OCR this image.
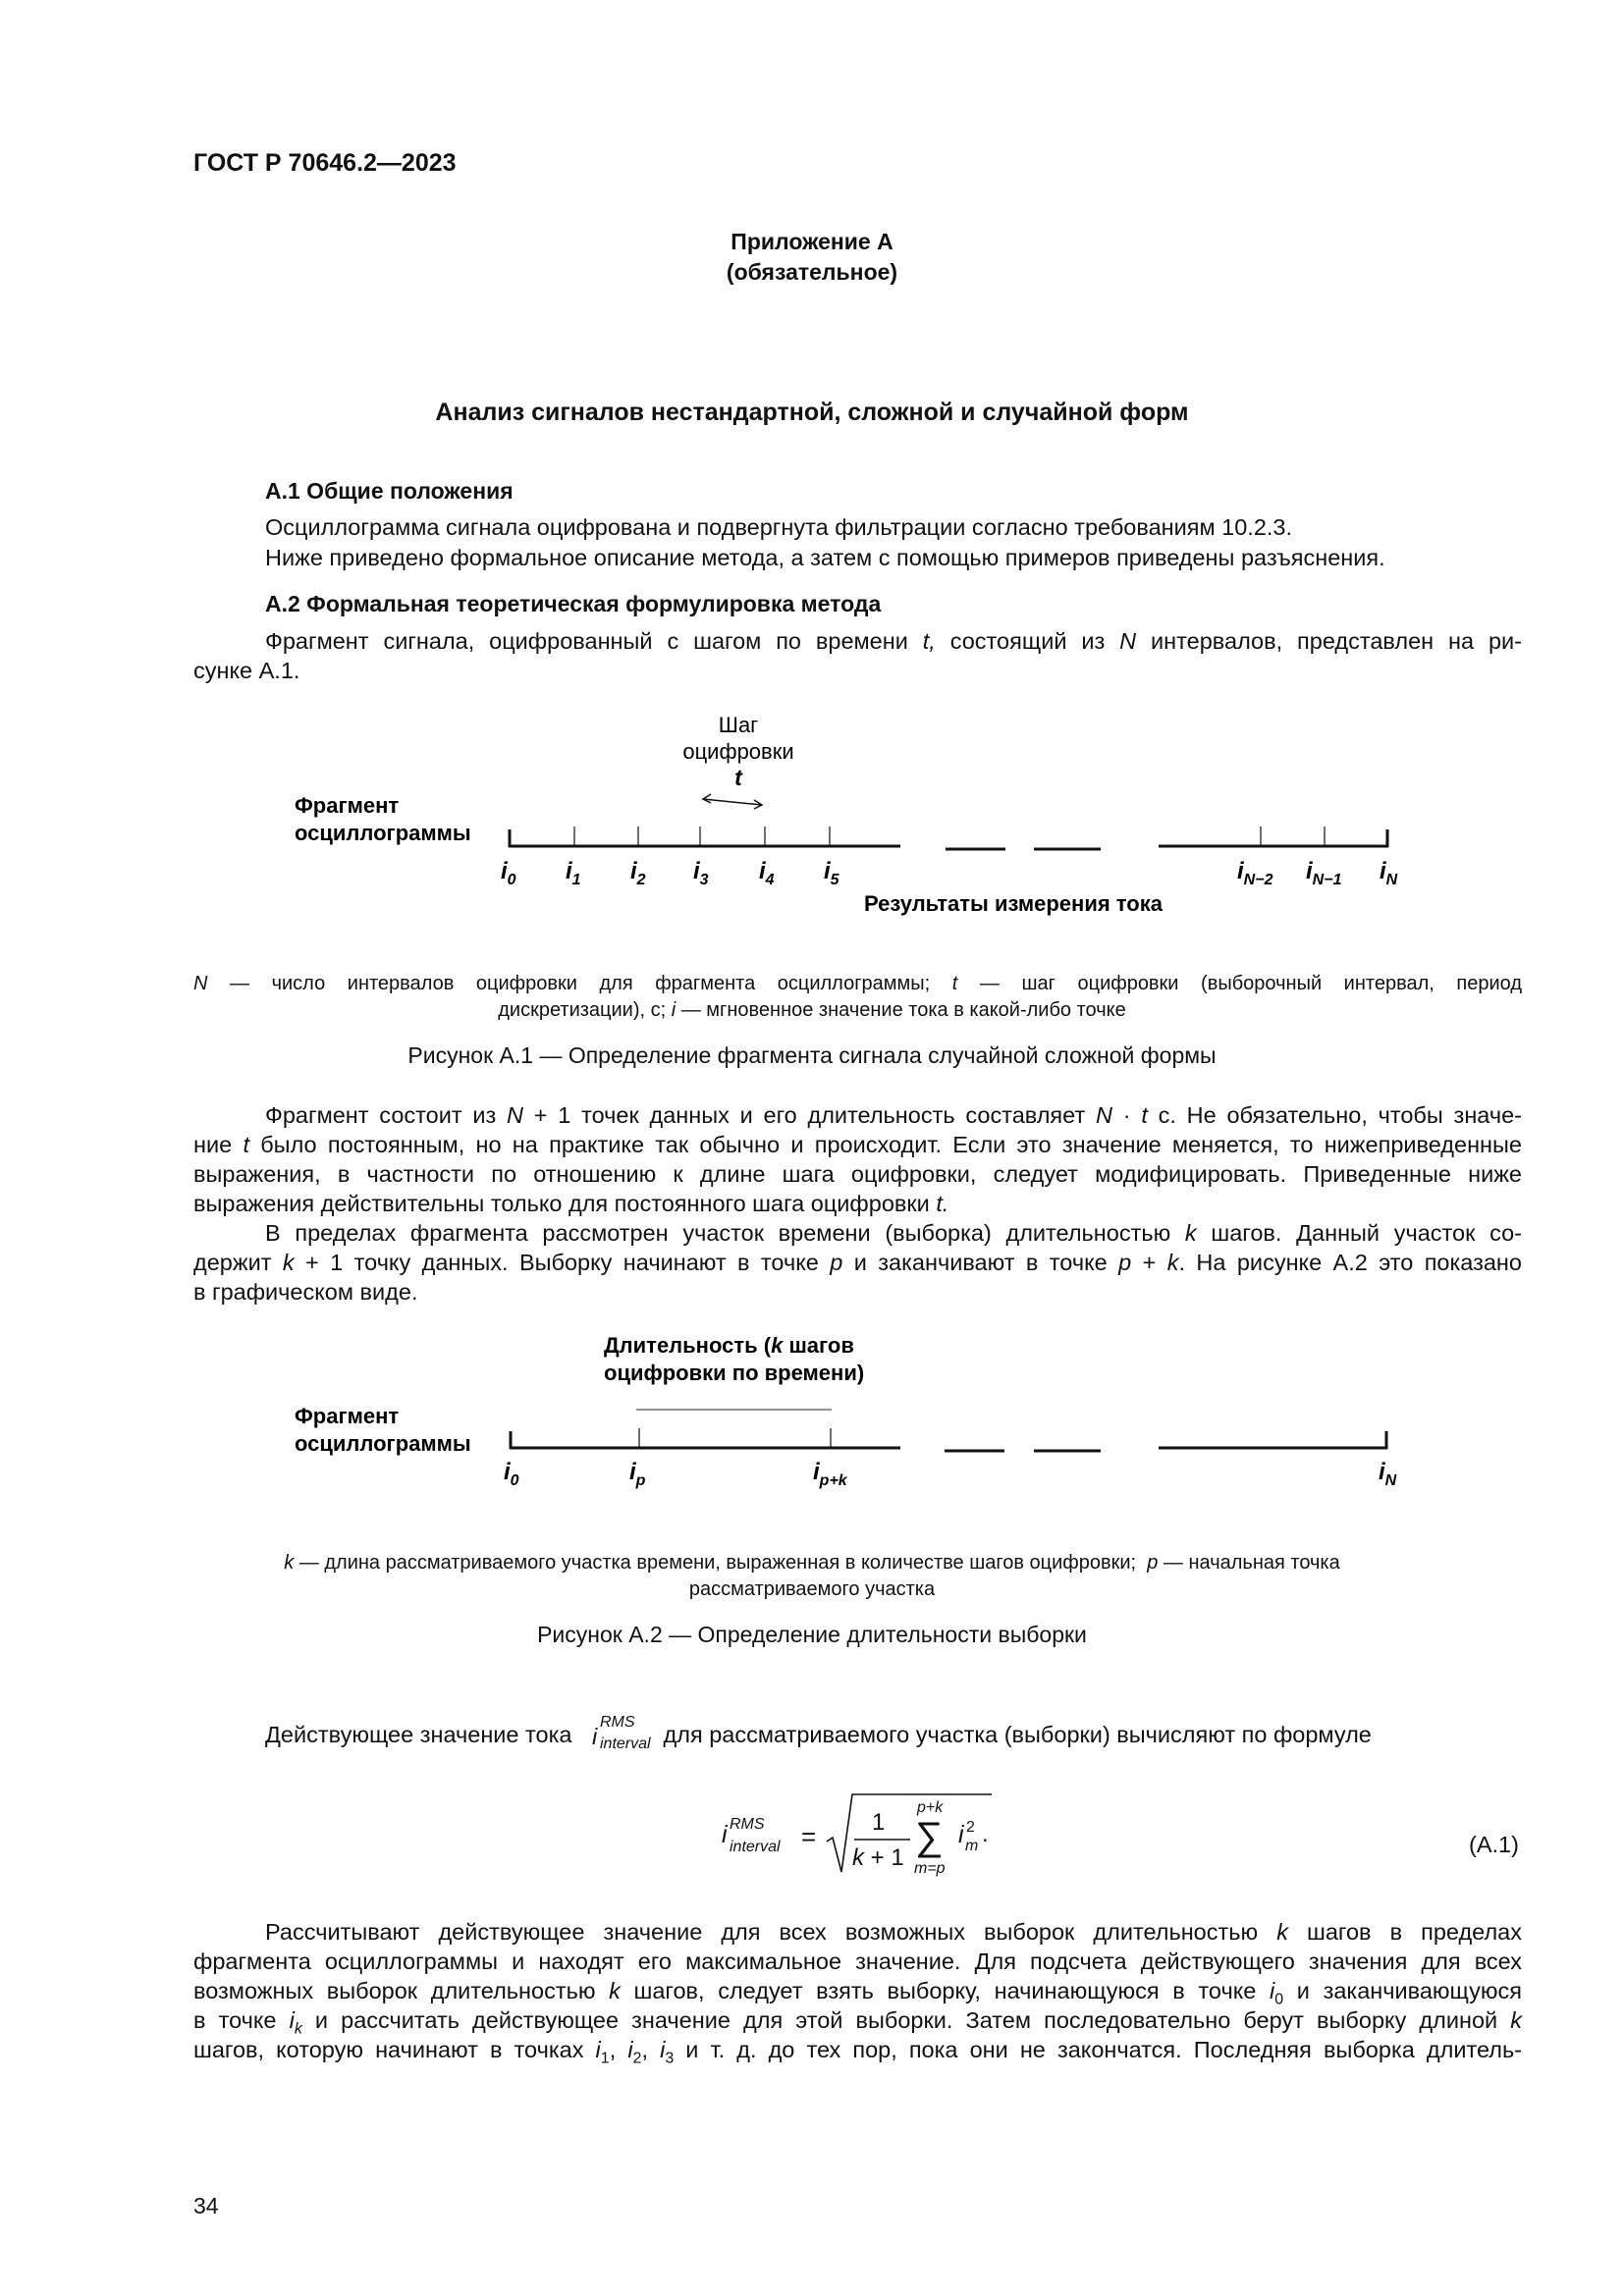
ГОСТ Р 70646.2—2023
Приложение А
(обязательное)
Анализ сигналов нестандартной, сложной и случайной форм
А.1 Общие положения
Осциллограмма сигнала оцифрована и подвергнута фильтрации согласно требованиям 10.2.3.
Ниже приведено формальное описание метода, а затем с помощью примеров приведены разъяснения.
А.2 Формальная теоретическая формулировка метода
Фрагмент сигнала, оцифрованный с шагом по времени t, состоящий из N интервалов, представлен на ри-
сунке А.1.
Шаг
оцифровки
t
Фрагмент
осциллограммы
$i_0$ $i_1$ $i_2$ $i_3$ $i_4$ $i_5$	$i_{N-2}$ $i_{N-1}$ $i_N$
Результаты измерения тока
N — число интервалов оцифровки для фрагмента осциллограммы; t — шаг оцифровки (выборочный интервал, период
дискретизации), с; i — мгновенное значение тока в какой-либо точке
Рисунок А.1 — Определение фрагмента сигнала случайной сложной формы
Фрагмент состоит из N + 1 точек данных и его длительность составляет N · t с. Не обязательно, чтобы значе-
ние t было постоянным, но на практике так обычно и происходит. Если это значение меняется, то нижеприведенные
выражения, в частности по отношению к длине шага оцифровки, следует модифицировать. Приведенные ниже
выражения действительны только для постоянного шага оцифровки t.
В пределах фрагмента рассмотрен участок времени (выборка) длительностью k шагов. Данный участок со-
держит k + 1 точку данных. Выборку начинают в точке p и заканчивают в точке p + k. На рисунке А.2 это показано
в графическом виде.
Длительность (k шагов
оцифровки по времени)
Фрагмент
осциллограммы
$i_0$	$i_p$	$i_{p+k}$	$i_N$
k — длина рассматриваемого участка времени, выраженная в количестве шагов оцифровки;  p — начальная точка
рассматриваемого участка
Рисунок А.2 — Определение длительности выборки
Действующее значение тока i
RMS
interval для рассматриваемого участка (выборки) вычисляют по формуле
i RMS
interval = 1
k + 1
p+k
∑
m=p
i 2
m .	(А.1)
Рассчитывают действующее значение для всех возможных выборок длительностью k шагов в пределах
фрагмента осциллограммы и находят его максимальное значение. Для подсчета действующего значения для всех
возможных выборок длительностью k шагов, следует взять выборку, начинающуюся в точке $i_0$ и заканчивающуюся
в точке $i_k$ и рассчитать действующее значение для этой выборки. Затем последовательно берут выборку длиной k
шагов, которую начинают в точках $i_1$, $i_2$, $i_3$ и т. д. до тех пор, пока они не закончатся. Последняя выборка длитель-
34
